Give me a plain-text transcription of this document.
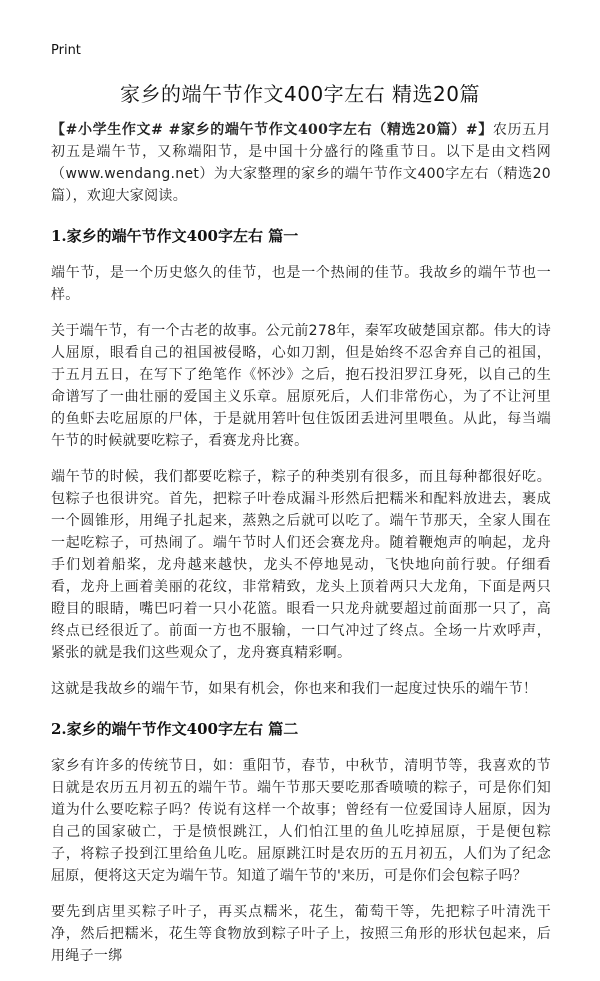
Print
家乡的端午节作文400字左右 精选20篇

【#小学生作文# #家乡的端午节作文400字左右（精选20篇）#】农历五月初五是端午节，又称端阳节，是中国十分盛行的隆重节日。以下是由文档网（www.wendang.net）为大家整理的家乡的端午节作文400字左右（精选20篇），欢迎大家阅读。

1.家乡的端午节作文400字左右 篇一

端午节，是一个历史悠久的佳节，也是一个热闹的佳节。我故乡的端午节也一样。

关于端午节，有一个古老的故事。公元前278年，秦军攻破楚国京都。伟大的诗人屈原，眼看自己的祖国被侵略，心如刀割，但是始终不忍舍弃自己的祖国，于五月五日，在写下了绝笔作《怀沙》之后，抱石投汨罗江身死，以自己的生命谱写了一曲壮丽的爱国主义乐章。屈原死后，人们非常伤心，为了不让河里的鱼虾去吃屈原的尸体，于是就用箬叶包住饭团丢进河里喂鱼。从此，每当端午节的时候就要吃粽子，看赛龙舟比赛。

端午节的时候，我们都要吃粽子，粽子的种类别有很多，而且每种都很好吃。包粽子也很讲究。首先，把粽子叶卷成漏斗形然后把糯米和配料放进去，裹成一个圆锥形，用绳子扎起来，蒸熟之后就可以吃了。端午节那天，全家人围在一起吃粽子，可热闹了。端午节时人们还会赛龙舟。随着鞭炮声的响起，龙舟手们划着船桨，龙舟越来越快，龙头不停地晃动，飞快地向前行驶。仔细看看，龙舟上画着美丽的花纹，非常精致，龙头上顶着两只大龙角，下面是两只瞪目的眼睛，嘴巴叼着一只小花篮。眼看一只龙舟就要超过前面那一只了，高终点已经很近了。前面一方也不服输，一口气冲过了终点。全场一片欢呼声，紧张的就是我们这些观众了，龙舟赛真精彩啊。

这就是我故乡的端午节，如果有机会，你也来和我们一起度过快乐的端午节！

2.家乡的端午节作文400字左右 篇二

家乡有许多的传统节日，如：重阳节，春节，中秋节，清明节等，我喜欢的节日就是农历五月初五的端午节。端午节那天要吃那香喷喷的粽子，可是你们知道为什么要吃粽子吗？传说有这样一个故事；曾经有一位爱国诗人屈原，因为自己的国家破亡，于是愤恨跳江，人们怕江里的鱼儿吃掉屈原，于是便包粽子，将粽子投到江里给鱼儿吃。屈原跳江时是农历的五月初五，人们为了纪念屈原，便将这天定为端午节。知道了端午节的'来历，可是你们会包粽子吗？

要先到店里买粽子叶子，再买点糯米，花生，葡萄干等，先把粽子叶清洗干净，然后把糯米，花生等食物放到粽子叶子上，按照三角形的形状包起来，后用绳子一绑
